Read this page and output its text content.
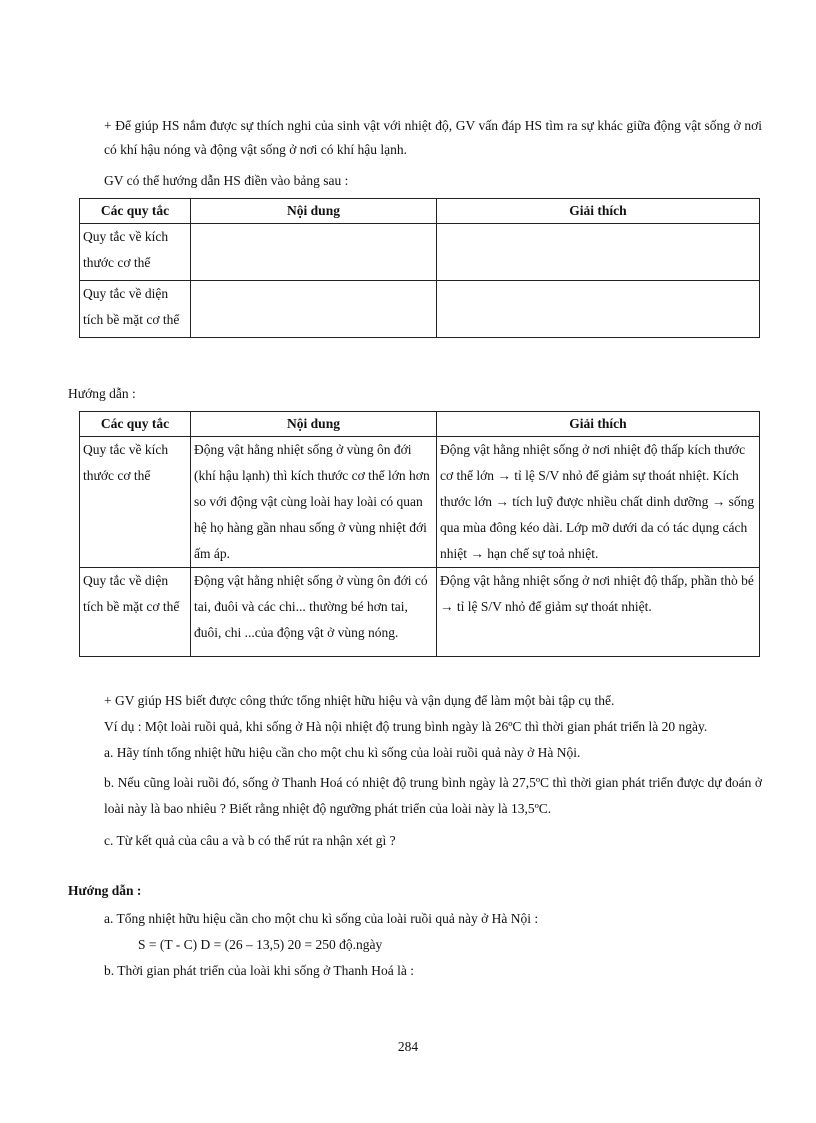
+ Để giúp HS nắm được sự thích nghi của sinh vật với nhiệt độ, GV vấn đáp HS tìm ra sự khác giữa động vật sống ở nơi có khí hậu nóng và động vật sống ở nơi có khí hậu lạnh.
GV có thể hướng dẫn HS điền vào bảng sau :
Các quy tắc	Nội dung	Giải thích
Quy tắc về kích thước cơ thể		
Quy tắc về diện tích bề mặt cơ thể		
Hướng dẫn :
Các quy tắc	Nội dung	Giải thích
Quy tắc về kích thước cơ thể	Động vật hằng nhiệt sống ở vùng ôn đới (khí hậu lạnh) thì kích thước cơ thể lớn hơn so với động vật cùng loài hay loài có quan hệ họ hàng gần nhau sống ở vùng nhiệt đới ấm áp.	Động vật hằng nhiệt sống ở nơi nhiệt độ thấp kích thước cơ thể lớn → tỉ lệ S/V nhỏ để giảm sự thoát nhiệt. Kích thước lớn → tích luỹ được nhiều chất dinh dưỡng → sống qua mùa đông kéo dài. Lớp mỡ dưới da có tác dụng cách nhiệt → hạn chế sự toả nhiệt.
Quy tắc về diện tích bề mặt cơ thể	Động vật hằng nhiệt sống ở vùng ôn đới có tai, đuôi và các chi... thường bé hơn tai, đuôi, chi ...của động vật ở vùng nóng.	Động vật hằng nhiệt sống ở nơi nhiệt độ thấp, phần thò bé → tỉ lệ S/V nhỏ để giảm sự thoát nhiệt.
+ GV giúp HS biết được công thức tổng nhiệt hữu hiệu và vận dụng để làm một bài tập cụ thể.
Ví dụ : Một loài ruồi quả, khi sống ở Hà nội nhiệt độ trung bình ngày là 26ºC thì thời gian phát triển là 20 ngày.
a. Hãy tính tổng nhiệt hữu hiệu cần cho một chu kì sống của loài ruồi quả này ở Hà Nội.
b. Nếu cũng loài ruồi đó, sống ở Thanh Hoá có nhiệt độ trung bình ngày là 27,5ºC thì thời gian phát triển được dự đoán ở loài này là bao nhiêu ? Biết rằng nhiệt độ ngưỡng phát triển của loài này là 13,5ºC.
c. Từ kết quả của câu a và b có thể rút ra nhận xét gì ?
Hướng dẫn :
a. Tổng nhiệt hữu hiệu cần cho một chu kì sống của loài ruồi quả này ở Hà Nội :
S = (T - C) D = (26 – 13,5) 20 = 250 độ.ngày
b. Thời gian phát triển của loài khi sống ở Thanh Hoá là :
284
